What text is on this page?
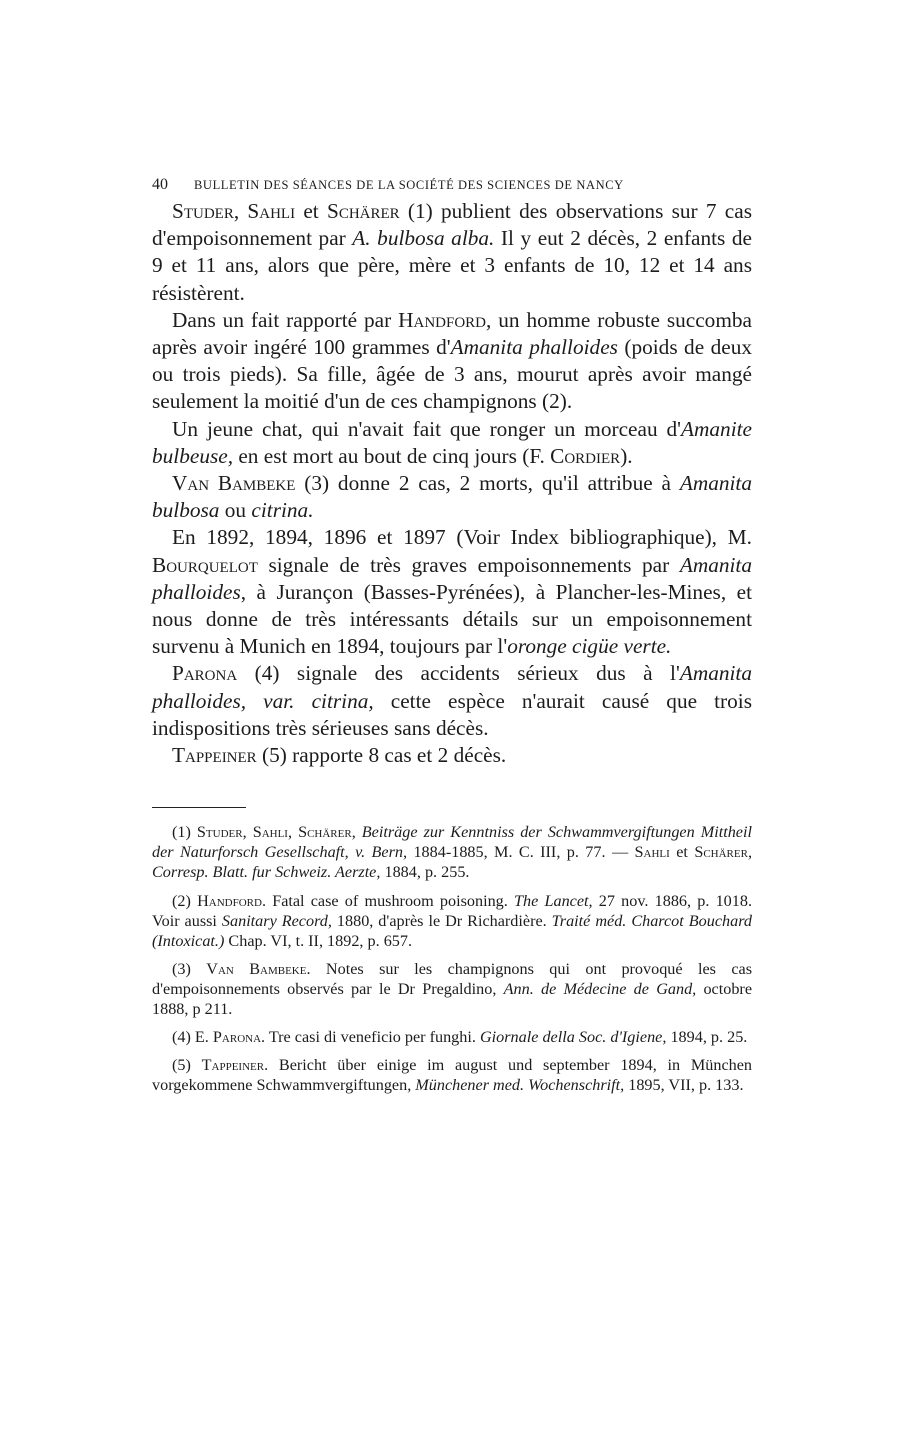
40 BULLETIN DES SÉANCES DE LA SOCIÉTÉ DES SCIENCES DE NANCY

Studer, Sahli et Schärer (1) publient des observations sur 7 cas d'empoisonnement par A. bulbosa alba. Il y eut 2 décès, 2 enfants de 9 et 11 ans, alors que père, mère et 3 enfants de 10, 12 et 14 ans résistèrent.

Dans un fait rapporté par Handford, un homme robuste succomba après avoir ingéré 100 grammes d'Amanita phalloides (poids de deux ou trois pieds). Sa fille, âgée de 3 ans, mourut après avoir mangé seulement la moitié d'un de ces champignons (2).

Un jeune chat, qui n'avait fait que ronger un morceau d'Amanite bulbeuse, en est mort au bout de cinq jours (F. Cordier).

Van Bambeke (3) donne 2 cas, 2 morts, qu'il attribue à Amanita bulbosa ou citrina.

En 1892, 1894, 1896 et 1897 (Voir Index bibliographique), M. Bourquelot signale de très graves empoisonnements par Amanita phalloides, à Jurançon (Basses-Pyrénées), à Plancher-les-Mines, et nous donne de très intéressants détails sur un empoisonnement survenu à Munich en 1894, toujours par l'oronge cigüe verte.

Parona (4) signale des accidents sérieux dus à l'Amanita phalloides, var. citrina, cette espèce n'aurait causé que trois indispositions très sérieuses sans décès.

Tappeiner (5) rapporte 8 cas et 2 décès.

(1) Studer, Sahli, Schärer, Beiträge zur Kenntniss der Schwammvergiftungen Mittheil der Naturforsch Gesellschaft, v. Bern, 1884-1885, M. C. III, p. 77. — Sahli et Schärer, Corresp. Blatt. fur Schweiz. Aerzte, 1884, p. 255.

(2) Handford. Fatal case of mushroom poisoning. The Lancet, 27 nov. 1886, p. 1018. Voir aussi Sanitary Record, 1880, d'après le Dr Richardière. Traité méd. Charcot Bouchard (Intoxicat.) Chap. VI, t. II, 1892, p. 657.

(3) Van Bambeke. Notes sur les champignons qui ont provoqué les cas d'empoisonnements observés par le Dr Pregaldino, Ann. de Médecine de Gand, octobre 1888, p 211.

(4) E. Parona. Tre casi di veneficio per funghi. Giornale della Soc. d'Igiene, 1894, p. 25.

(5) Tappeiner. Bericht über einige im august und september 1894, in München vorgekommene Schwammvergiftungen, Münchener med. Wochenschrift, 1895, VII, p. 133.
